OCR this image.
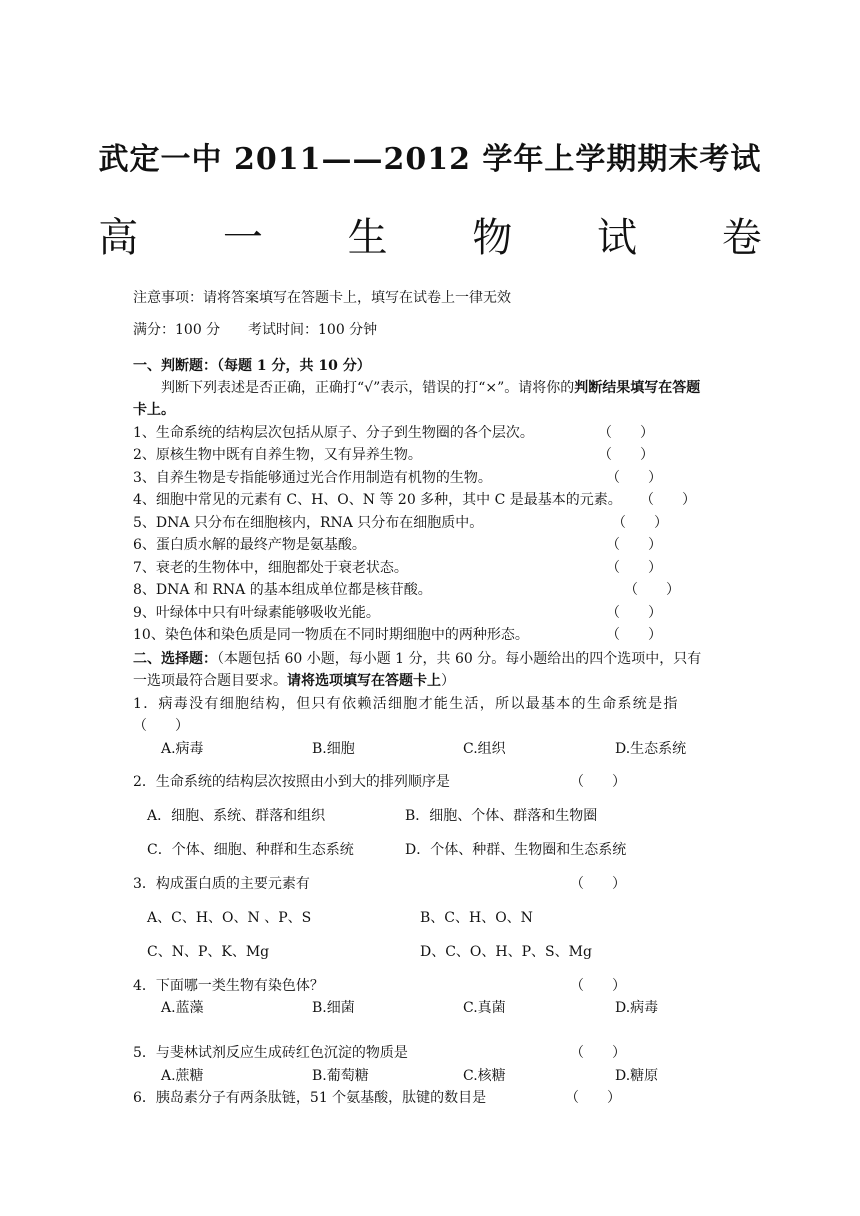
武定一中 2011——2012 学年上学期期末考试
高 一 生 物 试 卷
注意事项：请将答案填写在答题卡上，填写在试卷上一律无效
满分：100 分 考试时间：100 分钟
一、判断题：（每题 1 分，共 10 分）
判断下列表述是否正确，正确打“√”表示，错误的打“×”。请将你的判断结果填写在答题
卡上。
1、生命系统的结构层次包括从原子、分子到生物圈的各个层次。	（　　）
2、原核生物中既有自养生物，又有异养生物。	（　　）
3、自养生物是专指能够通过光合作用制造有机物的生物。	（　　）
4、细胞中常见的元素有 C、H、O、N 等 20 多种，其中 C 是最基本的元素。 （　　）
5、DNA 只分布在细胞核内，RNA 只分布在细胞质中。	（　　）
6、蛋白质水解的最终产物是氨基酸。	（　　）
7、衰老的生物体中，细胞都处于衰老状态。	（　　）
8、DNA 和 RNA 的基本组成单位都是核苷酸。	（　　）
9、叶绿体中只有叶绿素能够吸收光能。	（　　）
10、染色体和染色质是同一物质在不同时期细胞中的两种形态。	（　　）
二、选择题：（本题包括 60 小题，每小题 1 分，共 60 分。每小题给出的四个选项中，只有
一选项最符合题目要求。请将选项填写在答题卡上）
1．病毒没有细胞结构，但只有依赖活细胞才能生活，所以最基本的生命系统是指
（　　）
A.病毒	B.细胞	C.组织	D.生态系统
2．生命系统的结构层次按照由小到大的排列顺序是	（　　）
A．细胞、系统、群落和组织	B．细胞、个体、群落和生物圈
C．个体、细胞、种群和生态系统	D．个体、种群、生物圈和生态系统
3．构成蛋白质的主要元素有	（　　）
A、C、H、O、N 、P、S	B、C、H、O、N
C、N、P、K、Mg	D、C、O、H、P、S、Mg
4．下面哪一类生物有染色体？	（　　）
A.蓝藻	B.细菌	C.真菌	D.病毒
5．与斐林试剂反应生成砖红色沉淀的物质是	（　　）
A.蔗糖	B.葡萄糖	C.核糖	D.糖原
6．胰岛素分子有两条肽链，51 个氨基酸，肽键的数目是	（　　）
